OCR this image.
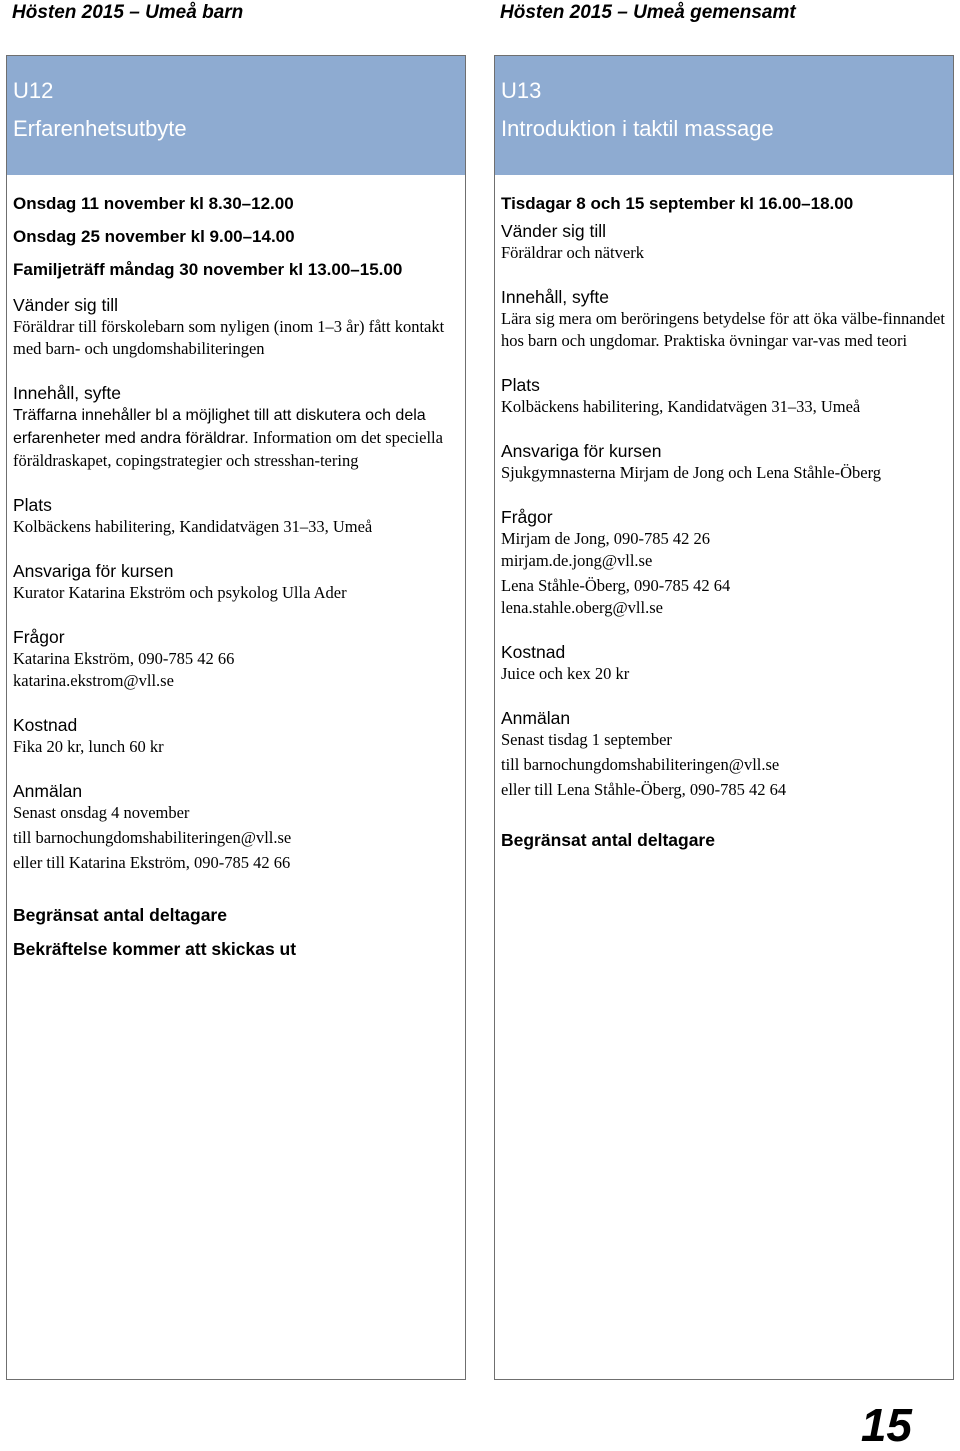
Hösten 2015 – Umeå barn	Hösten 2015 – Umeå gemensamt
U12
Erfarenhetsutbyte
Onsdag 11 november kl 8.30–12.00
Onsdag 25 november kl 9.00–14.00
Familjeträff måndag 30 november kl 13.00–15.00
Vänder sig till
Föräldrar till förskolebarn som nyligen (inom 1–3 år) fått kontakt med barn- och ungdomshabiliteringen
Innehåll, syfte
Träffarna innehåller bl a möjlighet till att diskutera och dela erfarenheter med andra föräldrar. Information om det speciella föräldraskapet, copingstrategier och stresshan-tering
Plats
Kolbäckens habilitering, Kandidatvägen 31–33, Umeå
Ansvariga för kursen
Kurator Katarina Ekström och psykolog Ulla Ader
Frågor
Katarina Ekström, 090-785 42 66
katarina.ekstrom@vll.se
Kostnad
Fika 20 kr, lunch 60 kr
Anmälan
Senast onsdag 4 november
till barnochungdomshabiliteringen@vll.se
eller till Katarina Ekström, 090-785 42 66
Begränsat antal deltagare
Bekräftelse kommer att skickas ut
U13
Introduktion i taktil massage
Tisdagar 8 och 15 september kl 16.00–18.00
Vänder sig till
Föräldrar och nätverk
Innehåll, syfte
Lära sig mera om beröringens betydelse för att öka välbe-finnandet hos barn och ungdomar. Praktiska övningar var-vas med teori
Plats
Kolbäckens habilitering, Kandidatvägen 31–33, Umeå
Ansvariga för kursen
Sjukgymnasterna Mirjam de Jong och Lena Ståhle-Öberg
Frågor
Mirjam de Jong, 090-785 42 26
mirjam.de.jong@vll.se
Lena Ståhle-Öberg, 090-785 42 64
lena.stahle.oberg@vll.se
Kostnad
Juice och kex 20 kr
Anmälan
Senast tisdag 1 september
till barnochungdomshabiliteringen@vll.se
eller till Lena Ståhle-Öberg, 090-785 42 64
Begränsat antal deltagare
15
